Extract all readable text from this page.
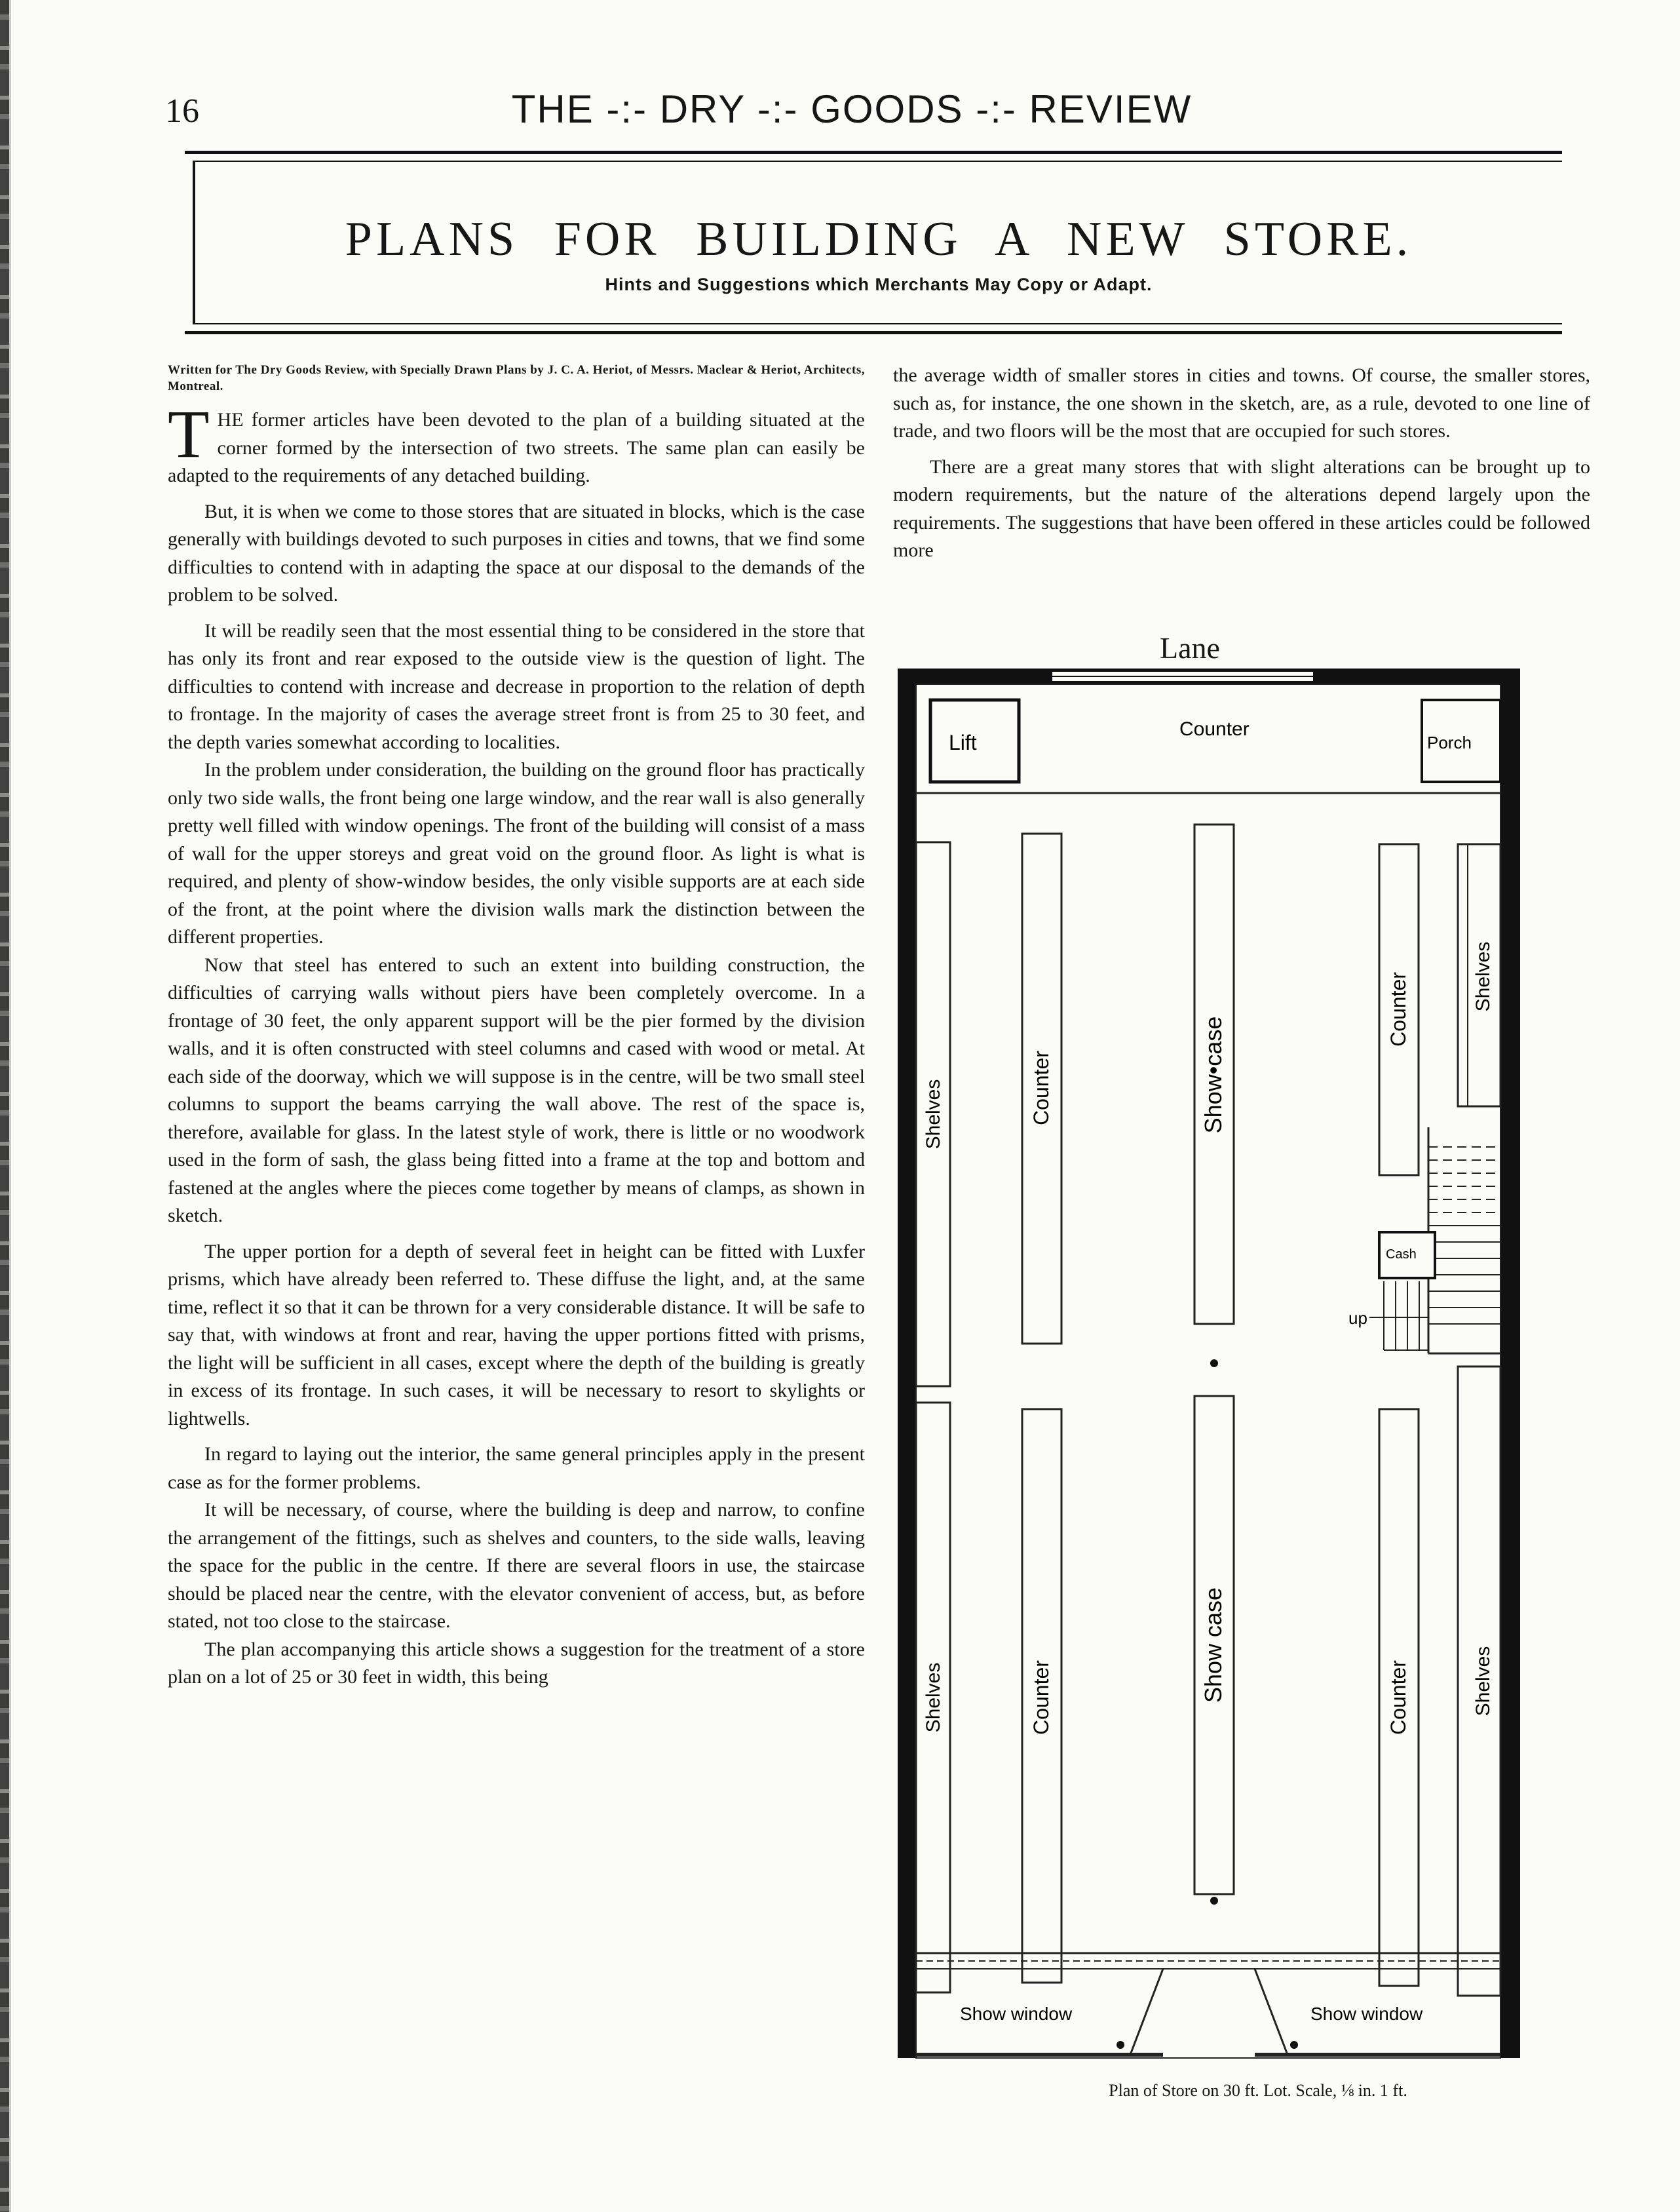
16	THE -:- DRY -:- GOODS -:- REVIEW
PLANS FOR BUILDING A NEW STORE.
Hints and Suggestions which Merchants May Copy or Adapt.
Written for The Dry Goods Review, with Specially Drawn Plans by J. C. A. Heriot, of Messrs. Maclear & Heriot, Architects, Montreal.

THE former articles have been devoted to the plan of a building situated at the corner formed by the intersection of two streets. The same plan can easily be adapted to the requirements of any detached building.

But, it is when we come to those stores that are situated in blocks, which is the case generally with buildings devoted to such purposes in cities and towns, that we find some difficulties to contend with in adapting the space at our disposal to the demands of the problem to be solved.

It will be readily seen that the most essential thing to be considered in the store that has only its front and rear exposed to the outside view is the question of light. The difficulties to contend with increase and decrease in proportion to the relation of depth to frontage. In the majority of cases the average street front is from 25 to 30 feet, and the depth varies somewhat according to localities.

In the problem under consideration, the building on the ground floor has practically only two side walls, the front being one large window, and the rear wall is also generally pretty well filled with window openings. The front of the building will consist of a mass of wall for the upper storeys and great void on the ground floor. As light is what is required, and plenty of show-window besides, the only visible supports are at each side of the front, at the point where the division walls mark the distinction between the different properties.

Now that steel has entered to such an extent into building construction, the difficulties of carrying walls without piers have been completely overcome. In a frontage of 30 feet, the only apparent support will be the pier formed by the division walls, and it is often constructed with steel columns and cased with wood or metal. At each side of the doorway, which we will suppose is in the centre, will be two small steel columns to support the beams carrying the wall above. The rest of the space is, therefore, available for glass. In the latest style of work, there is little or no woodwork used in the form of sash, the glass being fitted into a frame at the top and bottom and fastened at the angles where the pieces come together by means of clamps, as shown in sketch.

The upper portion for a depth of several feet in height can be fitted with Luxfer prisms, which have already been referred to. These diffuse the light, and, at the same time, reflect it so that it can be thrown for a very considerable distance. It will be safe to say that, with windows at front and rear, having the upper portions fitted with prisms, the light will be sufficient in all cases, except where the depth of the building is greatly in excess of its frontage. In such cases, it will be necessary to resort to skylights or lightwells.

In regard to laying out the interior, the same general principles apply in the present case as for the former problems.

It will be necessary, of course, where the building is deep and narrow, to confine the arrangement of the fittings, such as shelves and counters, to the side walls, leaving the space for the public in the centre. If there are several floors in use, the staircase should be placed near the centre, with the elevator convenient of access, but, as before stated, not too close to the staircase.

The plan accompanying this article shows a suggestion for the treatment of a store plan on a lot of 25 or 30 feet in width, this being

the average width of smaller stores in cities and towns. Of course, the smaller stores, such as, for instance, the one shown in the sketch, are, as a rule, devoted to one line of trade, and two floors will be the most that are occupied for such stores.

There are a great many stores that with slight alterations can be brought up to modern requirements, but the nature of the alterations depend largely upon the requirements. The suggestions that have been offered in these articles could be followed more

Lane
Counter
Lift	Porch
Shelves
Shelves
Counter
Counter
Show•case
Show case
Counter
Counter
Shelves
Shelves
up
Cash
Show window	Show window
Plan of Store on 30 ft. Lot. Scale, ⅛ in. 1 ft.
